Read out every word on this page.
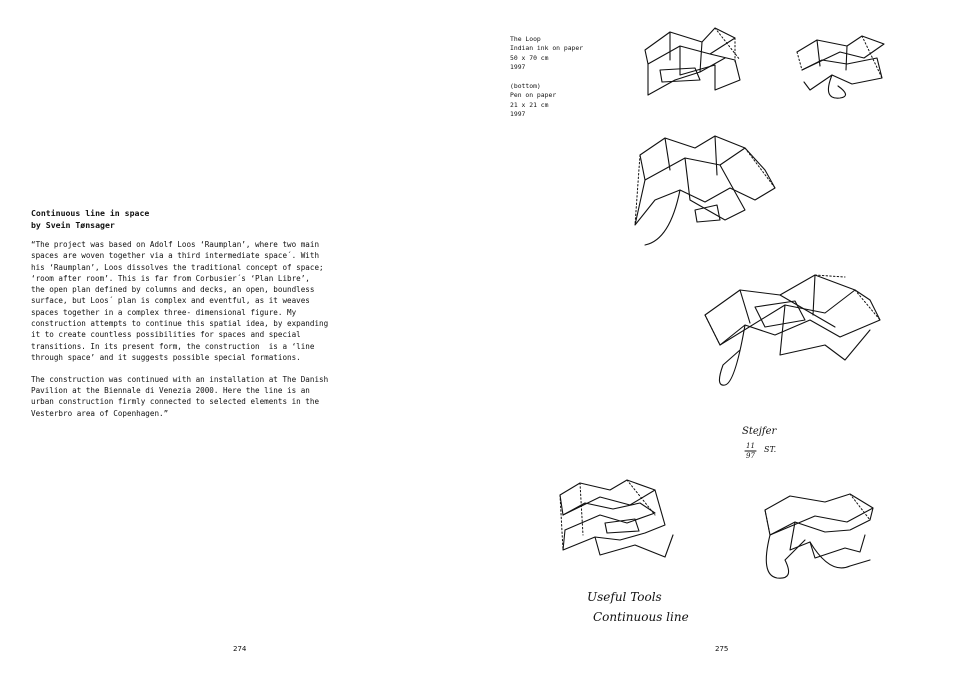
Continuous line in space
by Svein Tønsager

“The project was based on Adolf Loos ‘Raumplan’, where two main
spaces are woven together via a third intermediate space´. With
his ‘Raumplan’, Loos dissolves the traditional concept of space;
‘room after room’. This is far from Corbusier´s ‘Plan Libre’,
the open plan defined by columns and decks, an open, boundless
surface, but Loos´ plan is complex and eventful, as it weaves
spaces together in a complex three- dimensional figure. My
construction attempts to continue this spatial idea, by expanding
it to create countless possibilities for spaces and special
transitions. In its present form, the construction  is a ‘line
through space’ and it suggests possible special formations.

The construction was continued with an installation at The Danish
Pavilion at the Biennale di Venezia 2000. Here the line is an
urban construction firmly connected to selected elements in the
Vesterbro area of Copenhagen.”

274
The Loop
Indian ink on paper
50 x 70 cm
1997
(bottom)
Pen on paper
21 x 21 cm
1997
Stejfer
11
97
ST.
Useful Tools
Continuous line
275
